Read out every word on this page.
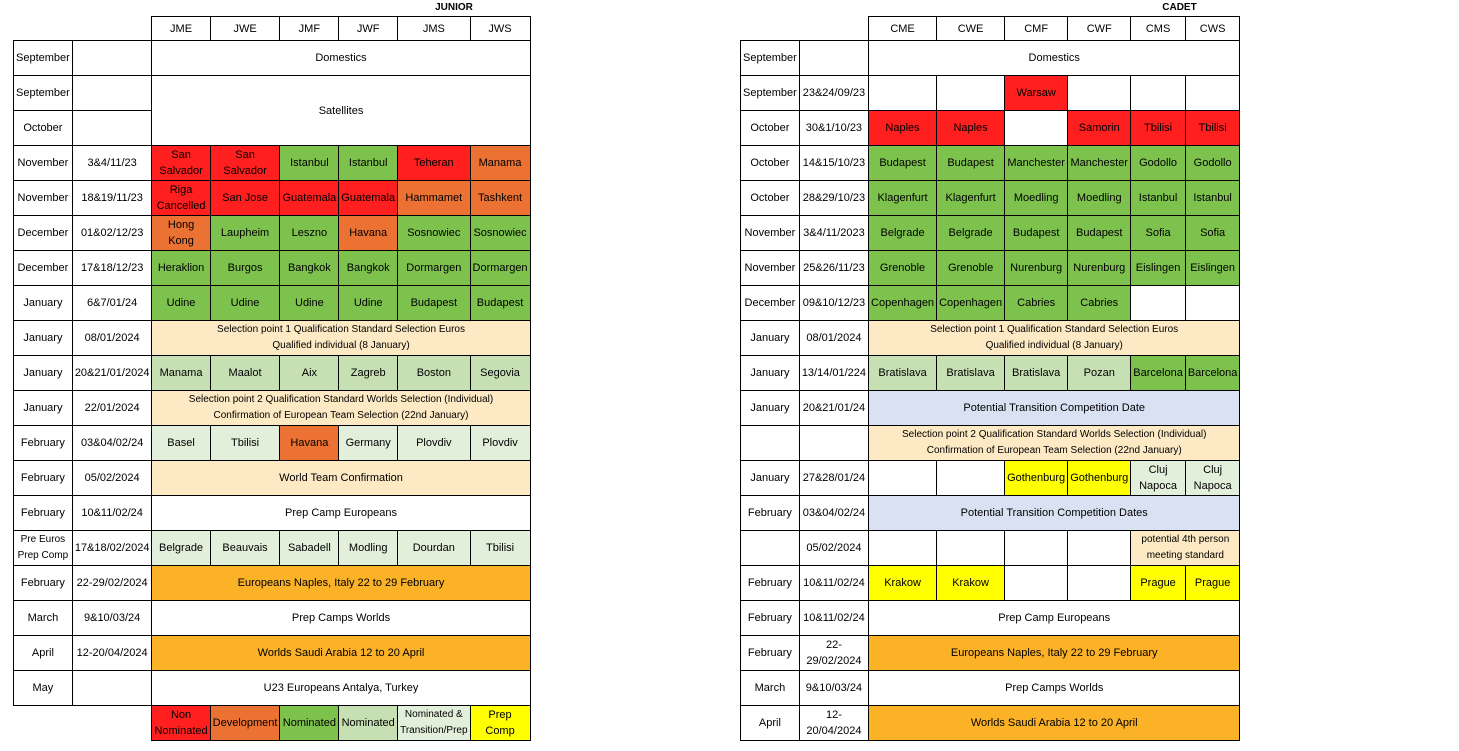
JUNIOR
		JME	JWE	JMF	JWF	JMS	JWS
September		Domestics					
September		Satellites					
October							
November	3&4/11/23	San Salvador	San Salvador	Istanbul	Istanbul	Teheran	Manama
November	18&19/11/23	Riga Cancelled	San Jose	Guatemala	Guatemala	Hammamet	Tashkent
December	01&02/12/23	Hong Kong	Laupheim	Leszno	Havana	Sosnowiec	Sosnowiec
December	17&18/12/23	Heraklion	Burgos	Bangkok	Bangkok	Dormargen	Dormargen
January	6&7/01/24	Udine	Udine	Udine	Udine	Budapest	Budapest
January	08/01/2024	Selection point 1 Qualification Standard Selection Euros
Qualified individual (8 January)					

January	20&21/01/2024	Manama	Maalot	Aix	Zagreb	Boston	Segovia
January	22/01/2024	Selection point 2 Qualification Standard Worlds Selection (Individual)
Confirmation of European Team Selection (22nd January)					

February	03&04/02/24	Basel	Tbilisi	Havana	Germany	Plovdiv	Plovdiv
February	05/02/2024	World Team Confirmation					
February	10&11/02/24	Prep Camp Europeans					
Pre Euros Prep Comp	17&18/02/2024	Belgrade	Beauvais	Sabadell	Modling	Dourdan	Tbilisi
February	22-29/02/2024	Europeans Naples, Italy 22 to 29 February					
March	9&10/03/24	Prep Camps Worlds					
April	12-20/04/2024	Worlds Saudi Arabia 12 to 20 April					
May		U23 Europeans Antalya, Turkey					
		Non Nominated	Development	Nominated	Nominated	Nominated & Transition/Prep	Prep Comp
CADET
		CME	CWE	CMF	CWF	CMS	CWS
September		Domestics					
September	23&24/09/23			Warsaw			
October	30&1/10/23	Naples	Naples		Samorin	Tbilisi	Tbilisi
October	14&15/10/23	Budapest	Budapest	Manchester	Manchester	Godollo	Godollo
October	28&29/10/23	Klagenfurt	Klagenfurt	Moedling	Moedling	Istanbul	Istanbul
November	3&4/11/2023	Belgrade	Belgrade	Budapest	Budapest	Sofia	Sofia
November	25&26/11/23	Grenoble	Grenoble	Nurenburg	Nurenburg	Eislingen	Eislingen
December	09&10/12/23	Copenhagen	Copenhagen	Cabries	Cabries		
January	08/01/2024	Selection point 1 Qualification Standard Selection Euros
Qualified individual (8 January)					

January	13/14/01/224	Bratislava	Bratislava	Bratislava	Pozan	Barcelona	Barcelona
January	20&21/01/24	Potential Transition Competition Date					

		Selection point 2 Qualification Standard Worlds Selection (Individual)
Confirmation of European Team Selection (22nd January)					

January	27&28/01/24			Gothenburg	Gothenburg	Cluj Napoca	Cluj Napoca
February	03&04/02/24	Potential Transition Competition Dates					
	05/02/2024					potential 4th person meeting standard	
February	10&11/02/24	Krakow	Krakow			Prague	Prague
February	10&11/02/24	Prep Camp Europeans					
February	22-29/02/2024	Europeans Naples, Italy 22 to 29 February					
March	9&10/03/24	Prep Camps Worlds					
April	12-20/04/2024	Worlds Saudi Arabia 12 to 20 April					
